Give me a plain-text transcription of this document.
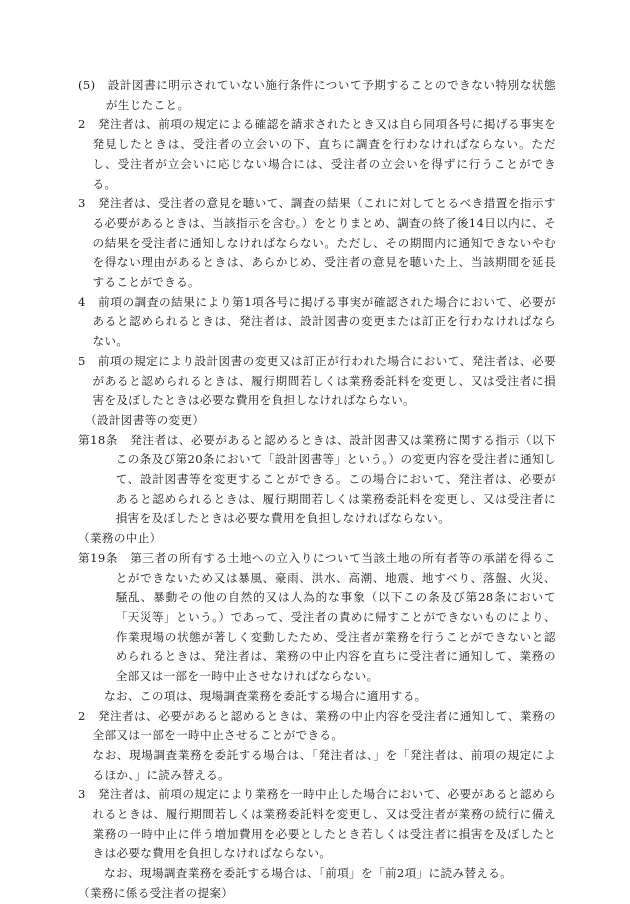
(5)　設計図書に明示されていない施行条件について予期することのできない特別な状態が生じたこと。

2　発注者は、前項の規定による確認を請求されたとき又は自ら同項各号に掲げる事実を発見したときは、受注者の立会いの下、直ちに調査を行わなければならない。ただし、受注者が立会いに応じない場合には、受注者の立会いを得ずに行うことができる。

3　発注者は、受注者の意見を聴いて、調査の結果（これに対してとるべき措置を指示する必要があるときは、当該指示を含む。）をとりまとめ、調査の終了後14日以内に、その結果を受注者に通知しなければならない。ただし、その期間内に通知できないやむを得ない理由があるときは、あらかじめ、受注者の意見を聴いた上、当該期間を延長することができる。

4　前項の調査の結果により第1項各号に掲げる事実が確認された場合において、必要があると認められるときは、発注者は、設計図書の変更または訂正を行わなければならない。

5　前項の規定により設計図書の変更又は訂正が行われた場合において、発注者は、必要があると認められるときは、履行期間若しくは業務委託料を変更し、又は受注者に損害を及ぼしたときは必要な費用を負担しなければならない。

（設計図書等の変更）

第18条　発注者は、必要があると認めるときは、設計図書又は業務に関する指示（以下この条及び第20条において「設計図書等」という。）の変更内容を受注者に通知して、設計図書等を変更することができる。この場合において、発注者は、必要があると認められるときは、履行期間若しくは業務委託料を変更し、又は受注者に損害を及ぼしたときは必要な費用を負担しなければならない。

（業務の中止）

第19条　第三者の所有する土地への立入りについて当該土地の所有者等の承諾を得ることができないため又は暴風、豪雨、洪水、高潮、地震、地すべり、落盤、火災、騒乱、暴動その他の自然的又は人為的な事象（以下この条及び第28条において「天災等」という。）であって、受注者の責めに帰すことができないものにより、作業現場の状態が著しく変動したため、受注者が業務を行うことができないと認められるときは、発注者は、業務の中止内容を直ちに受注者に通知して、業務の全部又は一部を一時中止させなければならない。

なお、この項は、現場調査業務を委託する場合に適用する。

2　発注者は、必要があると認めるときは、業務の中止内容を受注者に通知して、業務の全部又は一部を一時中止させることができる。

なお、現場調査業務を委託する場合は、「発注者は、」を「発注者は、前項の規定によるほか、」に読み替える。

3　発注者は、前項の規定により業務を一時中止した場合において、必要があると認められるときは、履行期間若しくは業務委託料を変更し、又は受注者が業務の続行に備え業務の一時中止に伴う増加費用を必要としたとき若しくは受注者に損害を及ぼしたときは必要な費用を負担しなければならない。

なお、現場調査業務を委託する場合は、「前項」を「前2項」に読み替える。

（業務に係る受注者の提案）
